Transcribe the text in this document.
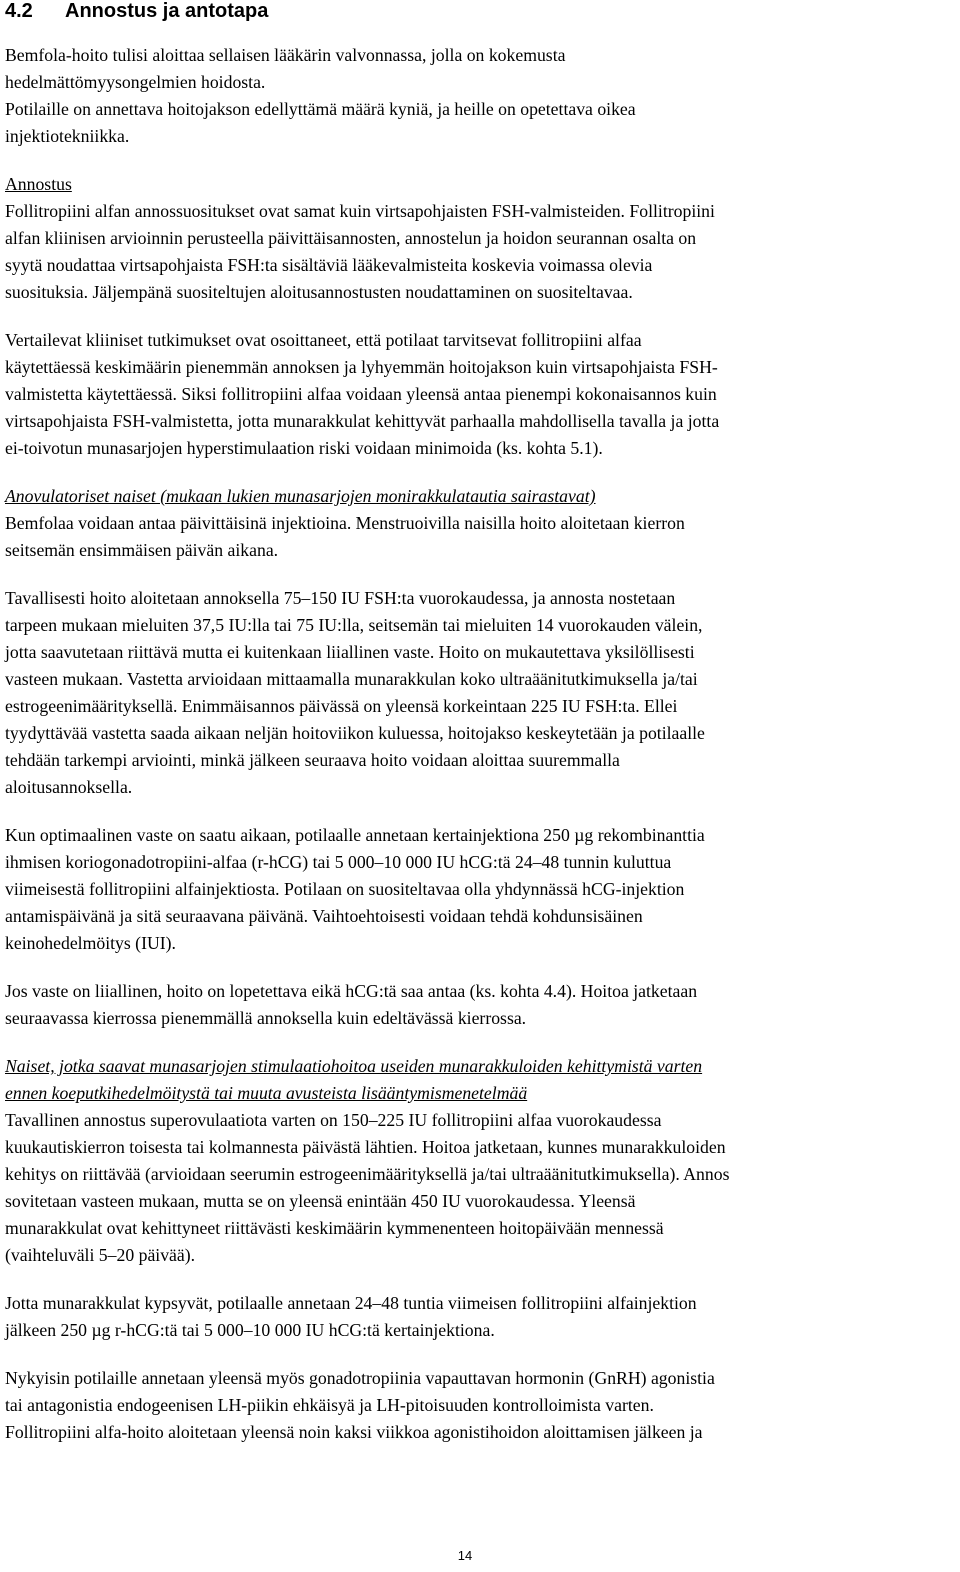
4.2 Annostus ja antotapa
Bemfola-hoito tulisi aloittaa sellaisen lääkärin valvonnassa, jolla on kokemusta
hedelmättömyysongelmien hoidosta.
Potilaille on annettava hoitojakson edellyttämä määrä kyniä, ja heille on opetettava oikea
injektiotekniikka.
Annostus
Follitropiini alfan annossuositukset ovat samat kuin virtsapohjaisten FSH-valmisteiden. Follitropiini
alfan kliinisen arvioinnin perusteella päivittäisannosten, annostelun ja hoidon seurannan osalta on
syytä noudattaa virtsapohjaista FSH:ta sisältäviä lääkevalmisteita koskevia voimassa olevia
suosituksia. Jäljempänä suositeltujen aloitusannostusten noudattaminen on suositeltavaa.
Vertailevat kliiniset tutkimukset ovat osoittaneet, että potilaat tarvitsevat follitropiini alfaa
käytettäessä keskimäärin pienemmän annoksen ja lyhyemmän hoitojakson kuin virtsapohjaista FSH-
valmistetta käytettäessä. Siksi follitropiini alfaa voidaan yleensä antaa pienempi kokonaisannos kuin
virtsapohjaista FSH-valmistetta, jotta munarakkulat kehittyvät parhaalla mahdollisella tavalla ja jotta
ei-toivotun munasarjojen hyperstimulaation riski voidaan minimoida (ks. kohta 5.1).
Anovulatoriset naiset (mukaan lukien munasarjojen monirakkulatautia sairastavat)
Bemfolaa voidaan antaa päivittäisinä injektioina. Menstruoivilla naisilla hoito aloitetaan kierron
seitsemän ensimmäisen päivän aikana.
Tavallisesti hoito aloitetaan annoksella 75–150 IU FSH:ta vuorokaudessa, ja annosta nostetaan
tarpeen mukaan mieluiten 37,5 IU:lla tai 75 IU:lla, seitsemän tai mieluiten 14 vuorokauden välein,
jotta saavutetaan riittävä mutta ei kuitenkaan liiallinen vaste. Hoito on mukautettava yksilöllisesti
vasteen mukaan. Vastetta arvioidaan mittaamalla munarakkulan koko ultraäänitutkimuksella ja/tai
estrogeenimäärityksellä. Enimmäisannos päivässä on yleensä korkeintaan 225 IU FSH:ta. Ellei
tyydyttävää vastetta saada aikaan neljän hoitoviikon kuluessa, hoitojakso keskeytetään ja potilaalle
tehdään tarkempi arviointi, minkä jälkeen seuraava hoito voidaan aloittaa suuremmalla
aloitusannoksella.
Kun optimaalinen vaste on saatu aikaan, potilaalle annetaan kertainjektiona 250 µg rekombinanttia
ihmisen koriogonadotropiini-alfaa (r-hCG) tai 5 000–10 000 IU hCG:tä 24–48 tunnin kuluttua
viimeisestä follitropiini alfainjektiosta. Potilaan on suositeltavaa olla yhdynnässä hCG-injektion
antamispäivänä ja sitä seuraavana päivänä. Vaihtoehtoisesti voidaan tehdä kohdunsisäinen
keinohedelmöitys (IUI).
Jos vaste on liiallinen, hoito on lopetettava eikä hCG:tä saa antaa (ks. kohta 4.4). Hoitoa jatketaan
seuraavassa kierrossa pienemmällä annoksella kuin edeltävässä kierrossa.
Naiset, jotka saavat munasarjojen stimulaatiohoitoa useiden munarakkuloiden kehittymistä varten
ennen koeputkihedelmöitystä tai muuta avusteista lisääntymismenetelmää
Tavallinen annostus superovulaatiota varten on 150–225 IU follitropiini alfaa vuorokaudessa
kuukautiskierron toisesta tai kolmannesta päivästä lähtien. Hoitoa jatketaan, kunnes munarakkuloiden
kehitys on riittävää (arvioidaan seerumin estrogeenimäärityksellä ja/tai ultraäänitutkimuksella). Annos
sovitetaan vasteen mukaan, mutta se on yleensä enintään 450 IU vuorokaudessa. Yleensä
munarakkulat ovat kehittyneet riittävästi keskimäärin kymmenenteen hoitopäivään mennessä
(vaihteluväli 5–20 päivää).
Jotta munarakkulat kypsyvät, potilaalle annetaan 24–48 tuntia viimeisen follitropiini alfainjektion
jälkeen 250 µg r-hCG:tä tai 5 000–10 000 IU hCG:tä kertainjektiona.
Nykyisin potilaille annetaan yleensä myös gonadotropiinia vapauttavan hormonin (GnRH) agonistia
tai antagonistia endogeenisen LH-piikin ehkäisyä ja LH-pitoisuuden kontrolloimista varten.
Follitropiini alfa-hoito aloitetaan yleensä noin kaksi viikkoa agonistihoidon aloittamisen jälkeen ja
14
